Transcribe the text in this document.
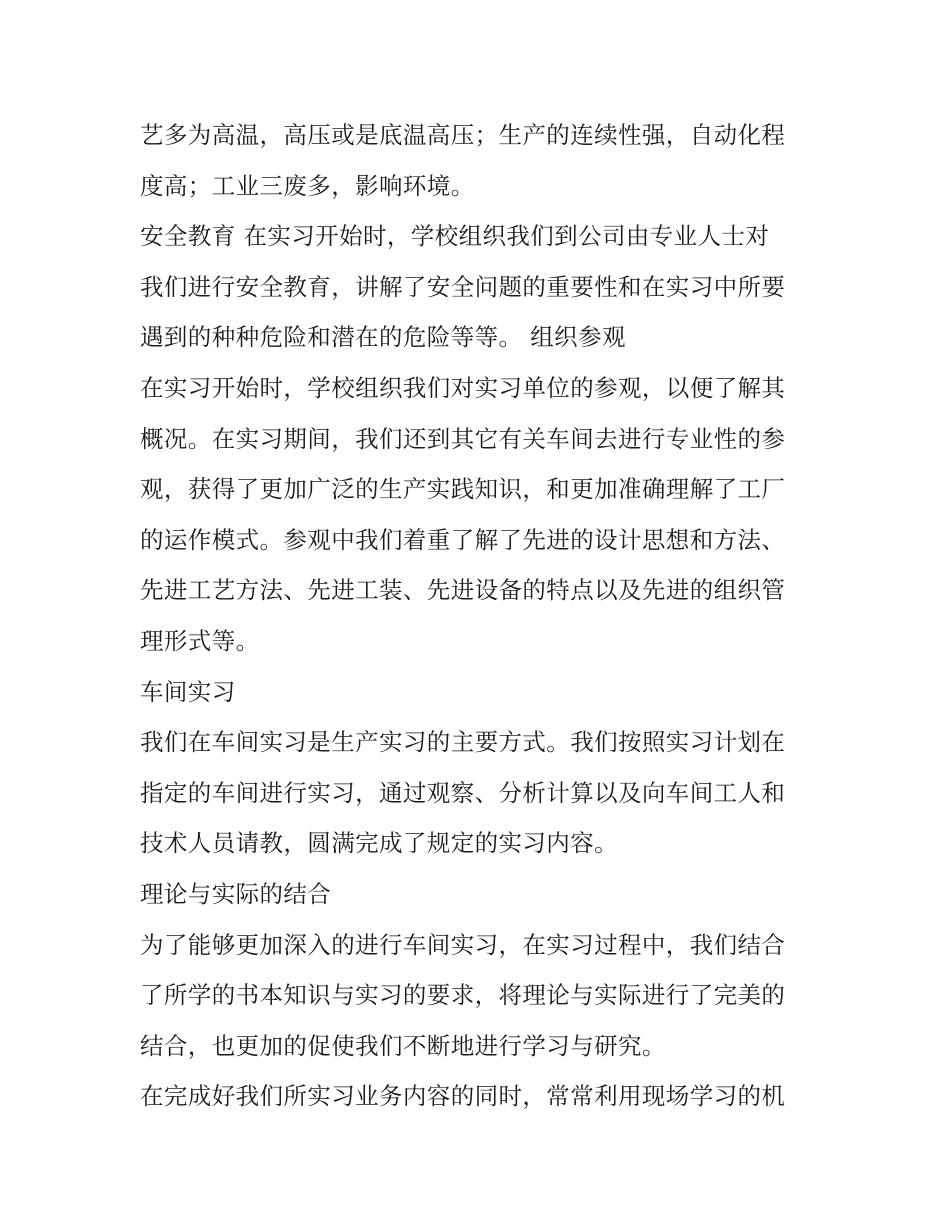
艺多为高温，高压或是底温高压；生产的连续性强，自动化程
度高；工业三废多，影响环境。
安全教育 在实习开始时，学校组织我们到公司由专业人士对
我们进行安全教育，讲解了安全问题的重要性和在实习中所要
遇到的种种危险和潜在的危险等等。 组织参观
在实习开始时，学校组织我们对实习单位的参观，以便了解其
概况。在实习期间，我们还到其它有关车间去进行专业性的参
观，获得了更加广泛的生产实践知识，和更加准确理解了工厂
的运作模式。参观中我们着重了解了先进的设计思想和方法、
先进工艺方法、先进工装、先进设备的特点以及先进的组织管
理形式等。
车间实习
我们在车间实习是生产实习的主要方式。我们按照实习计划在
指定的车间进行实习，通过观察、分析计算以及向车间工人和
技术人员请教，圆满完成了规定的实习内容。
理论与实际的结合
为了能够更加深入的进行车间实习，在实习过程中，我们结合
了所学的书本知识与实习的要求，将理论与实际进行了完美的
结合，也更加的促使我们不断地进行学习与研究。
在完成好我们所实习业务内容的同时，常常利用现场学习的机
